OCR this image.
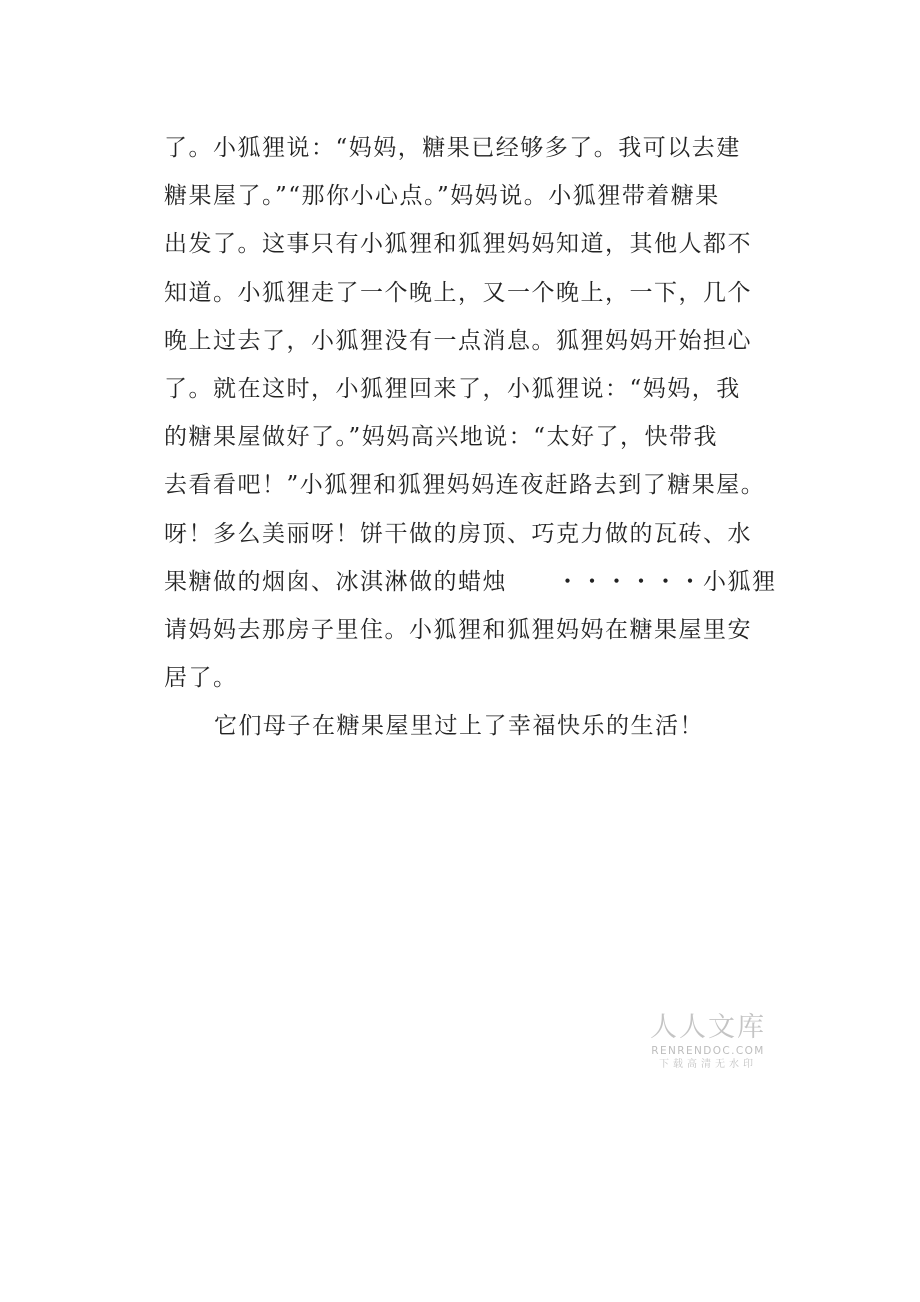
了。小狐狸说：“妈妈，糖果已经够多了。我可以去建
糖果屋了。”“那你小心点。”妈妈说。小狐狸带着糖果
出发了。这事只有小狐狸和狐狸妈妈知道，其他人都不
知道。小狐狸走了一个晚上，又一个晚上，一下，几个
晚上过去了，小狐狸没有一点消息。狐狸妈妈开始担心
了。就在这时，小狐狸回来了，小狐狸说：“妈妈，我
的糖果屋做好了。”妈妈高兴地说：“太好了，快带我
去看看吧！”小狐狸和狐狸妈妈连夜赶路去到了糖果屋。
呀！多么美丽呀！饼干做的房顶、巧克力做的瓦砖、水
果糖做的烟囱、冰淇淋做的蜡烛　　・・・・・・小狐狸
请妈妈去那房子里住。小狐狸和狐狸妈妈在糖果屋里安
居了。
它们母子在糖果屋里过上了幸福快乐的生活！
人人文库
RENRENDOC.COM
下载高清无水印
